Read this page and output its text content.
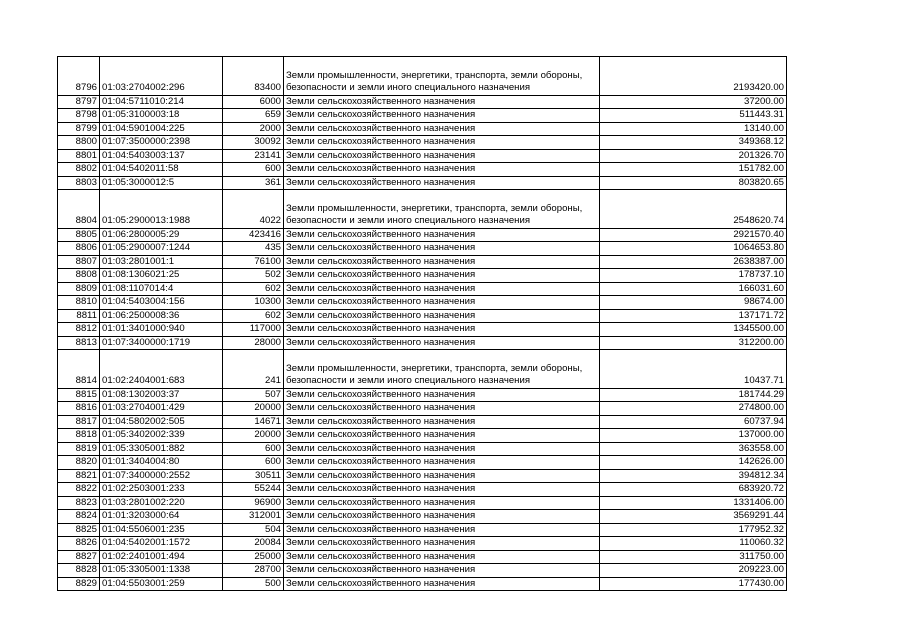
8796	01:03:2704002:296	83400	Земли промышленности, энергетики, транспорта, земли обороны, безопасности и земли иного специального назначения	2193420.00
8797	01:04:5711010:214	6000	Земли сельскохозяйственного назначения	37200.00
8798	01:05:3100003:18	659	Земли сельскохозяйственного назначения	511443.31
8799	01:04:5901004:225	2000	Земли сельскохозяйственного назначения	13140.00
8800	01:07:3500000:2398	30092	Земли сельскохозяйственного назначения	349368.12
8801	01:04:5403003:137	23141	Земли сельскохозяйственного назначения	201326.70
8802	01:04:5402011:58	600	Земли сельскохозяйственного назначения	151782.00
8803	01:05:3000012:5	361	Земли сельскохозяйственного назначения	803820.65
8804	01:05:2900013:1988	4022	Земли промышленности, энергетики, транспорта, земли обороны, безопасности и земли иного специального назначения	2548620.74
8805	01:06:2800005:29	423416	Земли сельскохозяйственного назначения	2921570.40
8806	01:05:2900007:1244	435	Земли сельскохозяйственного назначения	1064653.80
8807	01:03:2801001:1	76100	Земли сельскохозяйственного назначения	2638387.00
8808	01:08:1306021:25	502	Земли сельскохозяйственного назначения	178737.10
8809	01:08:1107014:4	602	Земли сельскохозяйственного назначения	166031.60
8810	01:04:5403004:156	10300	Земли сельскохозяйственного назначения	98674.00
8811	01:06:2500008:36	602	Земли сельскохозяйственного назначения	137171.72
8812	01:01:3401000:940	117000	Земли сельскохозяйственного назначения	1345500.00
8813	01:07:3400000:1719	28000	Земли сельскохозяйственного назначения	312200.00
8814	01:02:2404001:683	241	Земли промышленности, энергетики, транспорта, земли обороны, безопасности и земли иного специального назначения	10437.71
8815	01:08:1302003:37	507	Земли сельскохозяйственного назначения	181744.29
8816	01:03:2704001:429	20000	Земли сельскохозяйственного назначения	274800.00
8817	01:04:5802002:505	14671	Земли сельскохозяйственного назначения	60737.94
8818	01:05:3402002:339	20000	Земли сельскохозяйственного назначения	137000.00
8819	01:05:3305001:882	600	Земли сельскохозяйственного назначения	363558.00
8820	01:01:3404004:80	600	Земли сельскохозяйственного назначения	142626.00
8821	01:07:3400000:2552	30511	Земли сельскохозяйственного назначения	394812.34
8822	01:02:2503001:233	55244	Земли сельскохозяйственного назначения	683920.72
8823	01:03:2801002:220	96900	Земли сельскохозяйственного назначения	1331406.00
8824	01:01:3203000:64	312001	Земли сельскохозяйственного назначения	3569291.44
8825	01:04:5506001:235	504	Земли сельскохозяйственного назначения	177952.32
8826	01:04:5402001:1572	20084	Земли сельскохозяйственного назначения	110060.32
8827	01:02:2401001:494	25000	Земли сельскохозяйственного назначения	311750.00
8828	01:05:3305001:1338	28700	Земли сельскохозяйственного назначения	209223.00
8829	01:04:5503001:259	500	Земли сельскохозяйственного назначения	177430.00
